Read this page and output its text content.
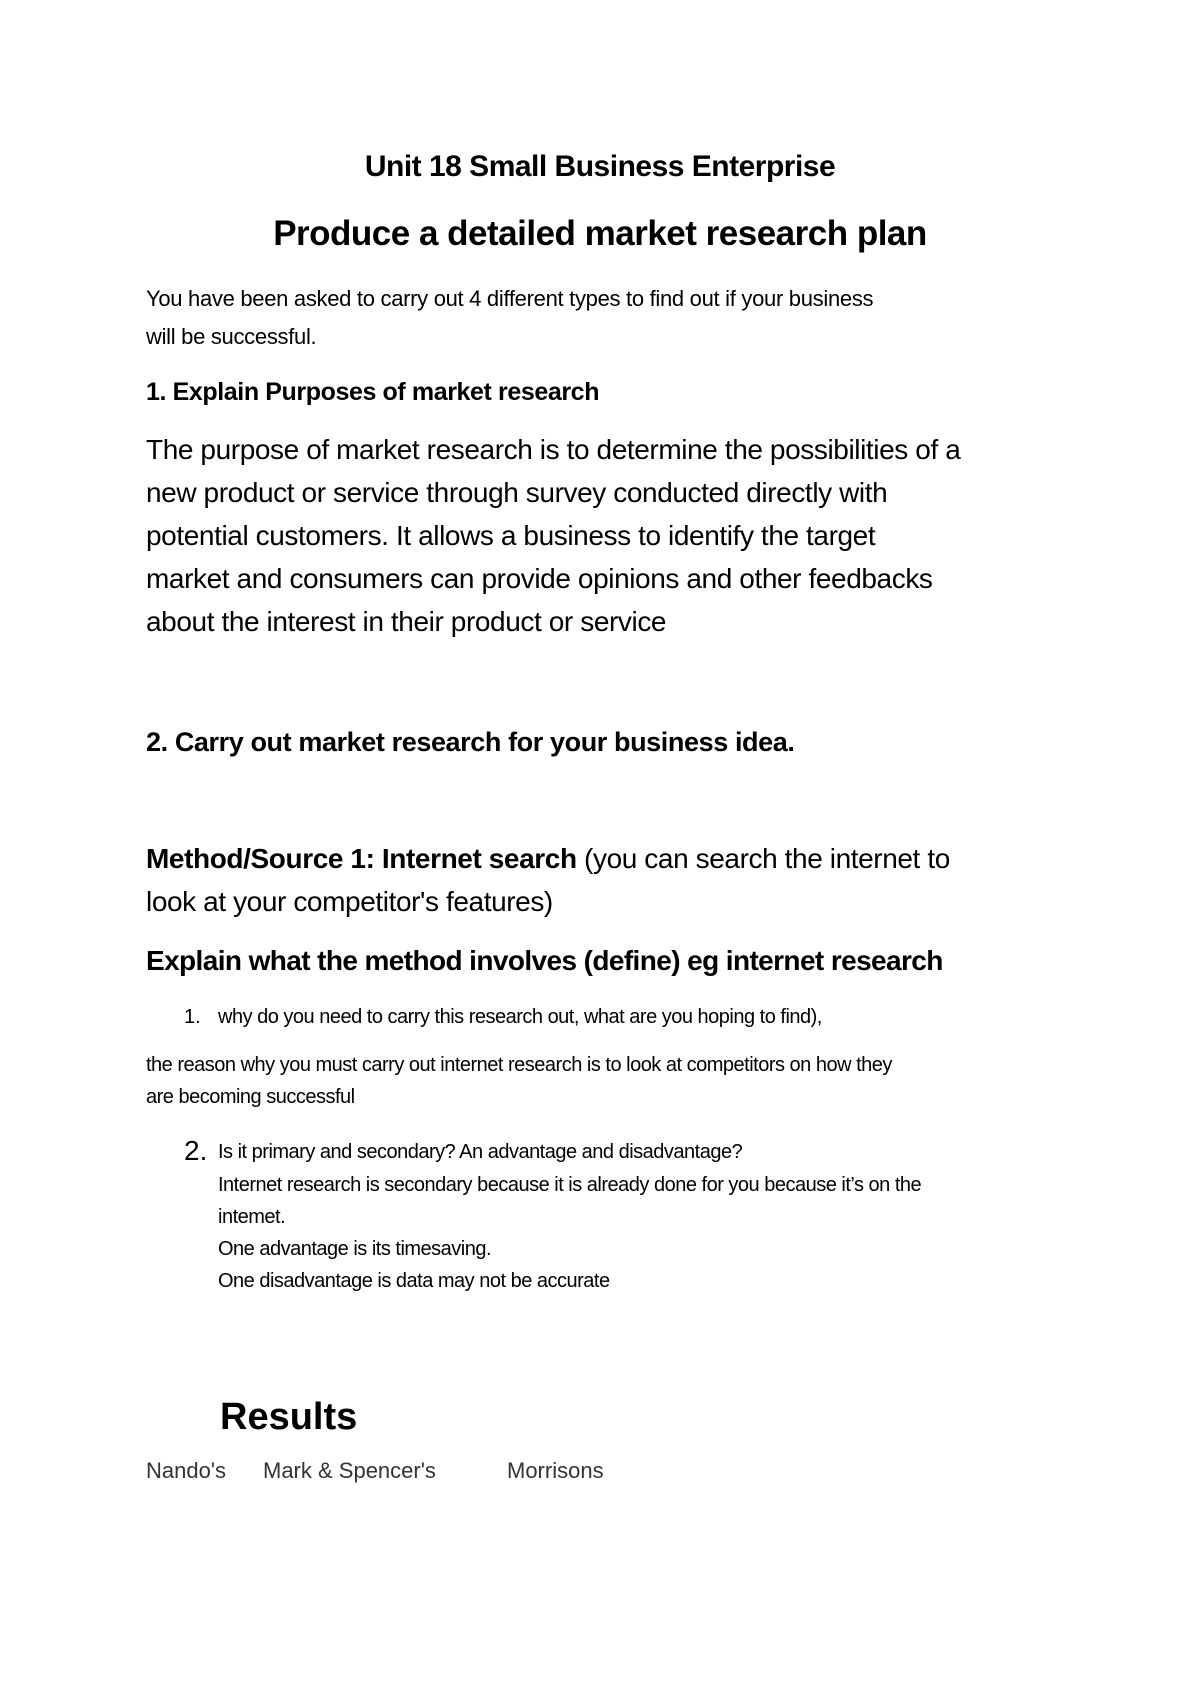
Unit 18 Small Business Enterprise
Produce a detailed market research plan
You have been asked to carry out 4 different types to find out if your business
will be successful.
1. Explain Purposes of market research
The purpose of market research is to determine the possibilities of a
new product or service through survey conducted directly with
potential customers. It allows a business to identify the target
market and consumers can provide opinions and other feedbacks
about the interest in their product or service
2. Carry out market research for your business idea.
Method/Source 1: Internet search (you can search the internet to
look at your competitor's features)
Explain what the method involves (define) eg internet research
1. why do you need to carry this research out, what are you hoping to find),
the reason why you must carry out internet research is to look at competitors on how they
are becoming successful
2. Is it primary and secondary? An advantage and disadvantage?
Internet research is secondary because it is already done for you because it’s on the
intemet.
One advantage is its timesaving.
One disadvantage is data may not be accurate
Results
Nando's Mark & Spencer's	Morrisons
